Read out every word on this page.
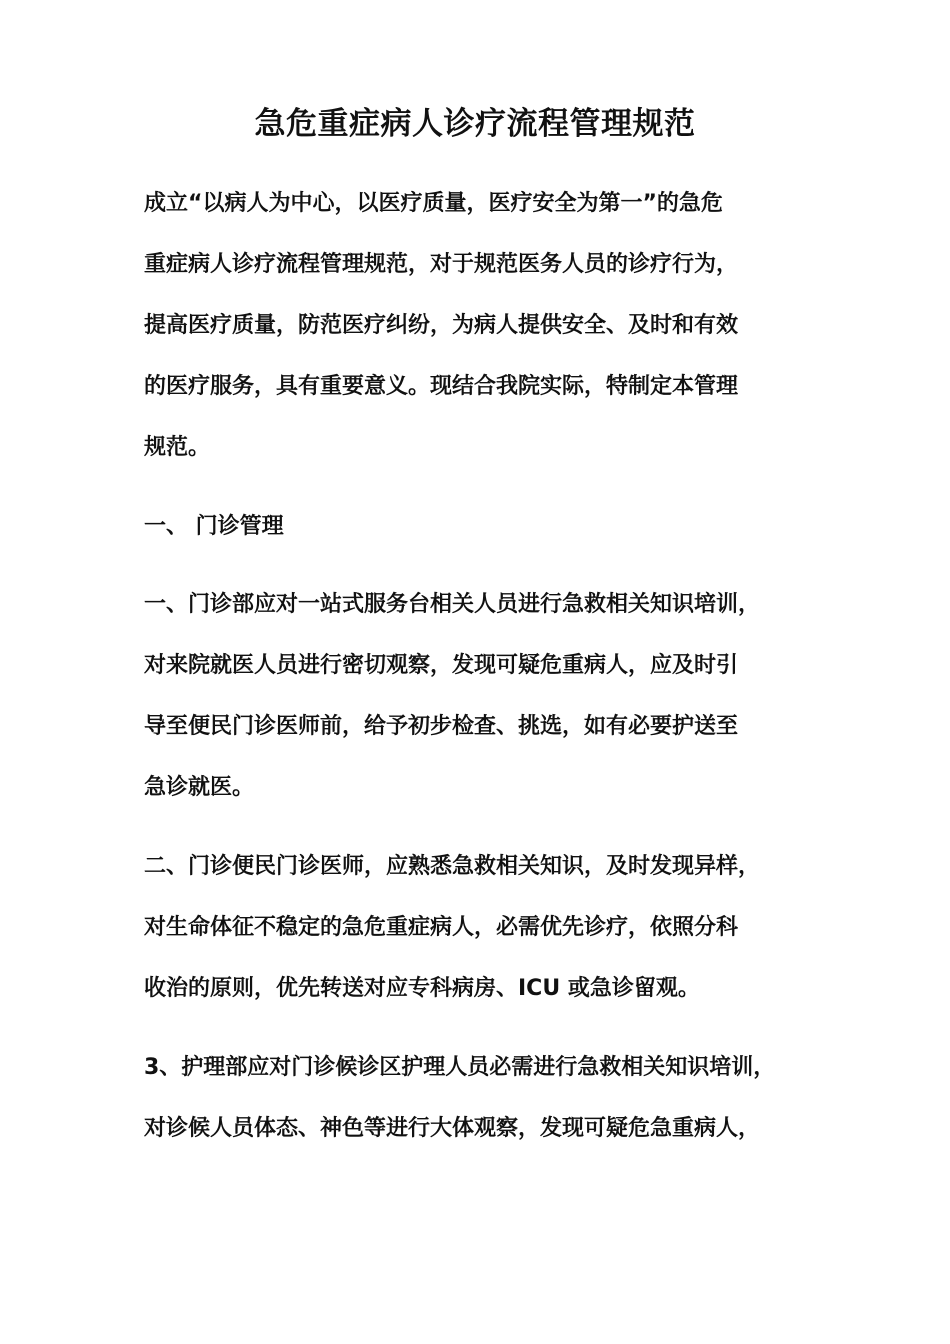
急危重症病人诊疗流程管理规范

成立“以病人为中心，以医疗质量，医疗安全为第一”的急危

重症病人诊疗流程管理规范，对于规范医务人员的诊疗行为，

提高医疗质量，防范医疗纠纷，为病人提供安全、及时和有效

的医疗服务，具有重要意义。现结合我院实际，特制定本管理

规范。

一、 门诊管理

一、门诊部应对一站式服务台相关人员进行急救相关知识培训，

对来院就医人员进行密切观察，发现可疑危重病人，应及时引

导至便民门诊医师前，给予初步检查、挑选，如有必要护送至

急诊就医。

二、门诊便民门诊医师，应熟悉急救相关知识，及时发现异样，

对生命体征不稳定的急危重症病人，必需优先诊疗，依照分科

收治的原则，优先转送对应专科病房、ICU 或急诊留观。

3、护理部应对门诊候诊区护理人员必需进行急救相关知识培训，

对诊候人员体态、神色等进行大体观察，发现可疑危急重病人，
